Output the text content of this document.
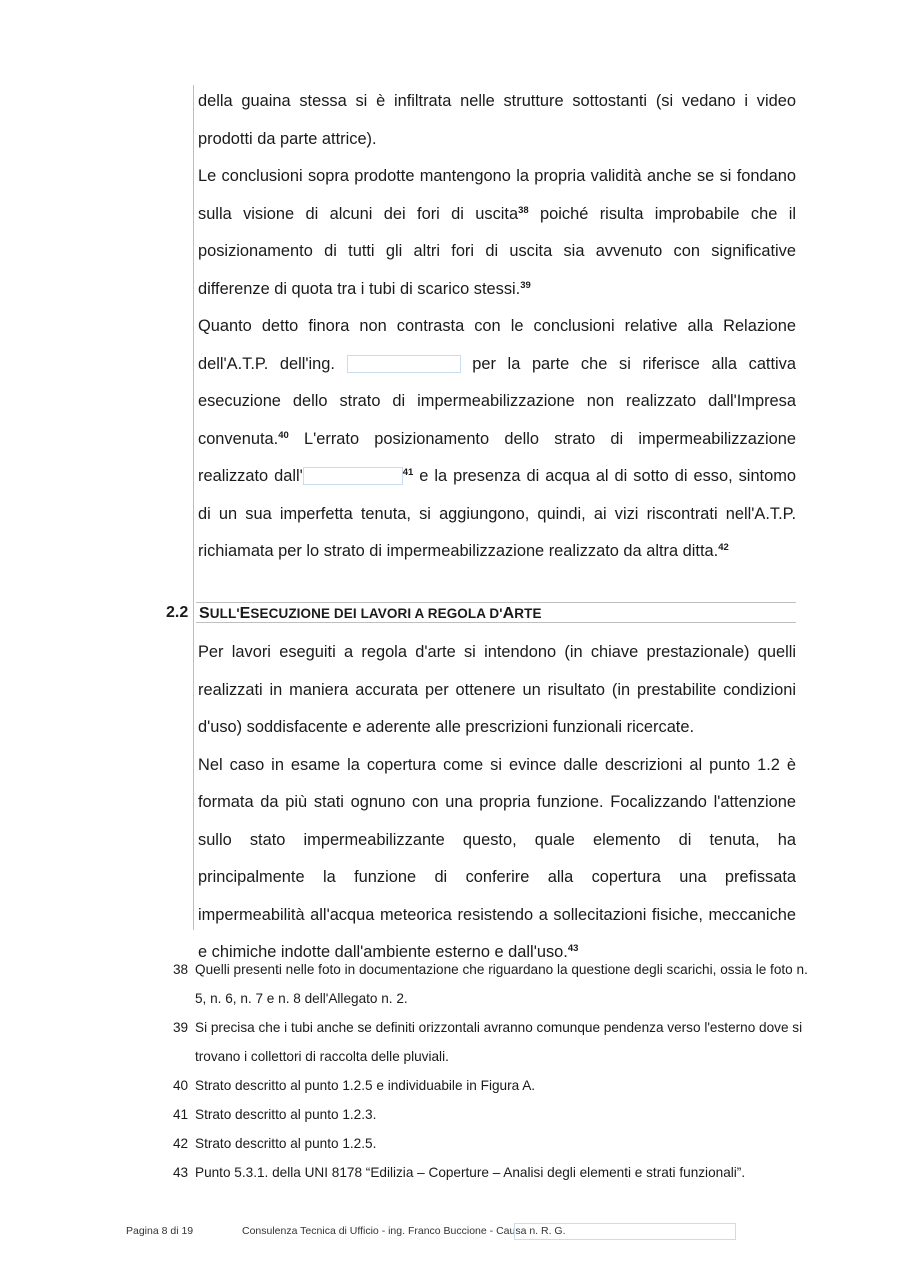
della guaina stessa si è infiltrata nelle strutture sottostanti (si vedano i video prodotti da parte attrice).

Le conclusioni sopra prodotte mantengono la propria validità anche se si fondano sulla visione di alcuni dei fori di uscita$^{38}$ poiché risulta improbabile che il posizionamento di tutti gli altri fori di uscita sia avvenuto con significative differenze di quota tra i tubi di scarico stessi.$^{39}$

Quanto detto finora non contrasta con le conclusioni relative alla Relazione dell'A.T.P. dell'ing.	per la parte che si riferisce alla cattiva esecuzione dello strato di impermeabilizzazione non realizzato dall'Impresa convenuta.$^{40}$ L'errato posizionamento dello strato di impermeabilizzazione realizzato dall'	$^{41}$ e la presenza di acqua al di sotto di esso, sintomo di un sua imperfetta tenuta, si aggiungono, quindi, ai vizi riscontrati nell'A.T.P. richiamata per lo strato di impermeabilizzazione realizzato da altra ditta.$^{42}$

2.2 SULL'ESECUZIONE DEI LAVORI A REGOLA D'ARTE

Per lavori eseguiti a regola d'arte si intendono (in chiave prestazionale) quelli realizzati in maniera accurata per ottenere un risultato (in prestabilite condizioni d'uso) soddisfacente e aderente alle prescrizioni funzionali ricercate.

Nel caso in esame la copertura come si evince dalle descrizioni al punto 1.2 è formata da più stati ognuno con una propria funzione. Focalizzando l'attenzione sullo stato impermeabilizzante questo, quale elemento di tenuta, ha principalmente la funzione di conferire alla copertura una prefissata impermeabilità all'acqua meteorica resistendo a sollecitazioni fisiche, meccaniche e chimiche indotte dall'ambiente esterno e dall'uso.$^{43}$

38 Quelli presenti nelle foto in documentazione che riguardano la questione degli scarichi, ossia le foto n. 5, n. 6, n. 7 e n. 8 dell'Allegato n. 2.
39 Si precisa che i tubi anche se definiti orizzontali avranno comunque pendenza verso l'esterno dove si trovano i collettori di raccolta delle pluviali.
40 Strato descritto al punto 1.2.5 e individuabile in Figura A.
41 Strato descritto al punto 1.2.3.
42 Strato descritto al punto 1.2.5.
43 Punto 5.3.1. della UNI 8178 “Edilizia – Coperture – Analisi degli elementi e strati funzionali”.
Pagina 8 di 19	Consulenza Tecnica di Ufficio - ing. Franco Buccione - Causa n. R. G.
